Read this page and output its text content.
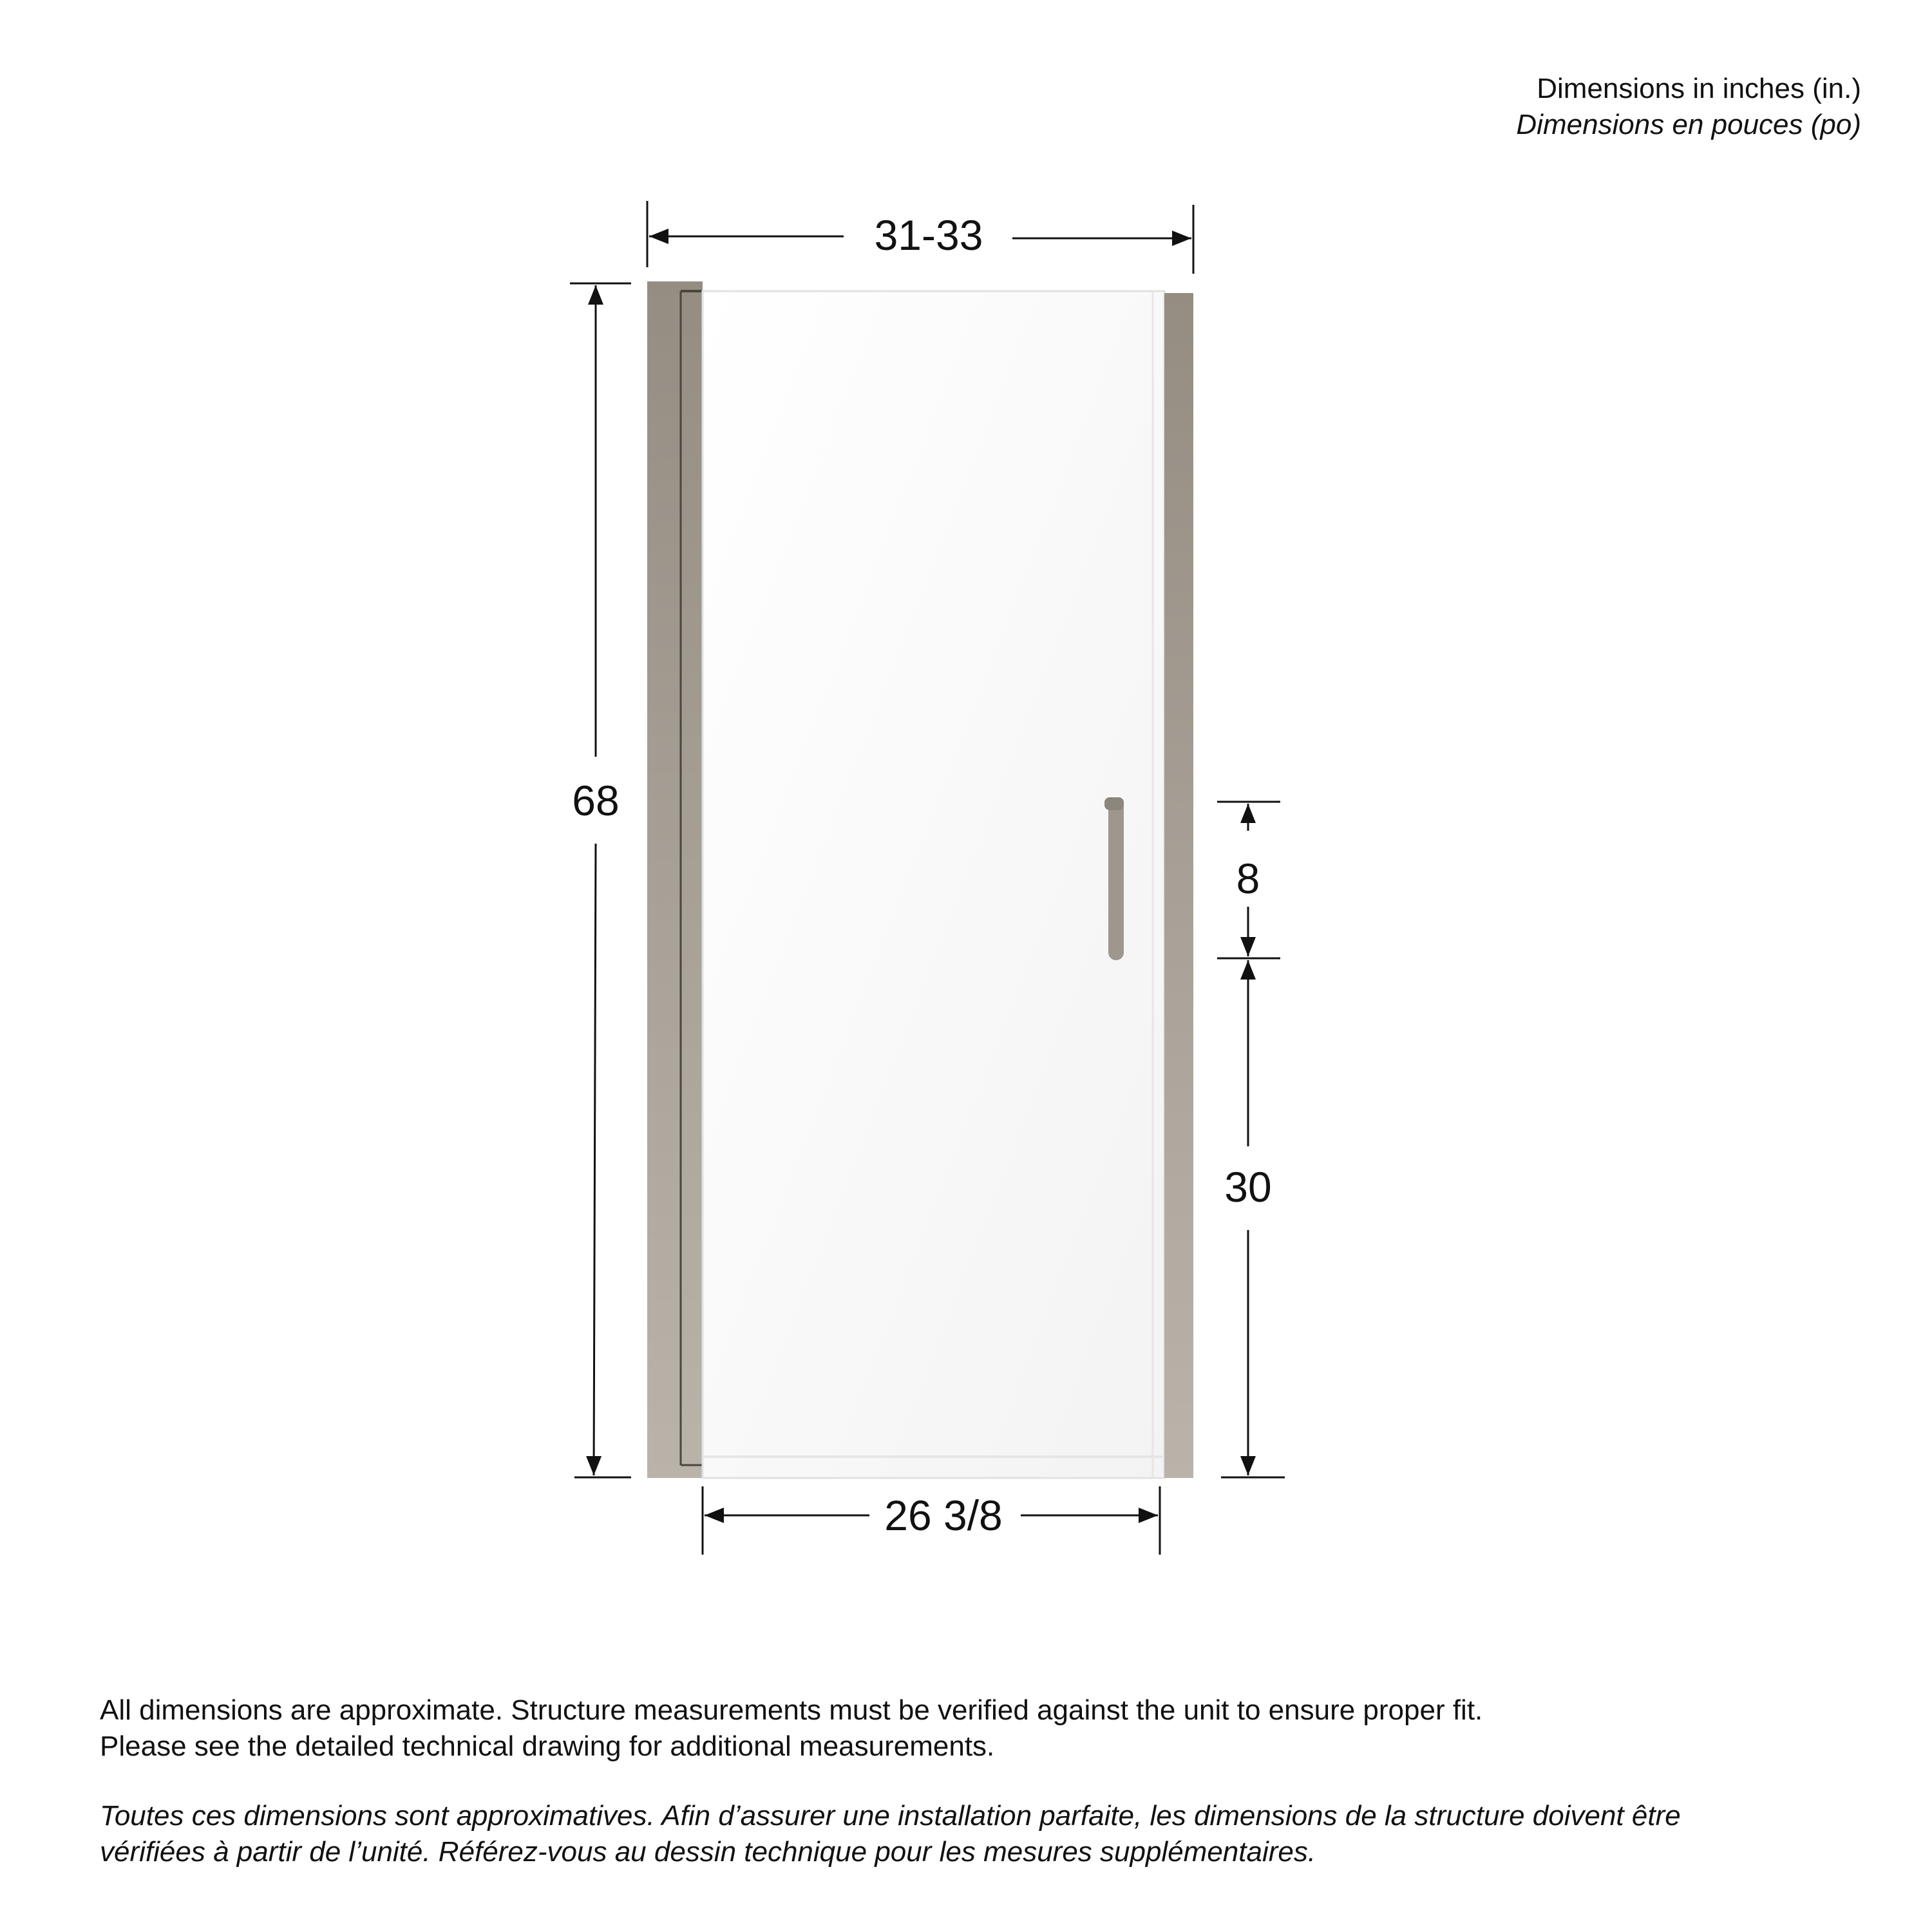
Dimensions in inches (in.)
Dimensions en pouces (po)
31-33
68
26 3/8
8
30

All dimensions are approximate. Structure measurements must be verified against the unit to ensure proper fit.

Please see the detailed technical drawing for additional measurements.

Toutes ces dimensions sont approximatives. Afin d’assurer une installation parfaite, les dimensions de la structure doivent être

vérifiées à partir de l’unité. Référez-vous au dessin technique pour les mesures supplémentaires.
